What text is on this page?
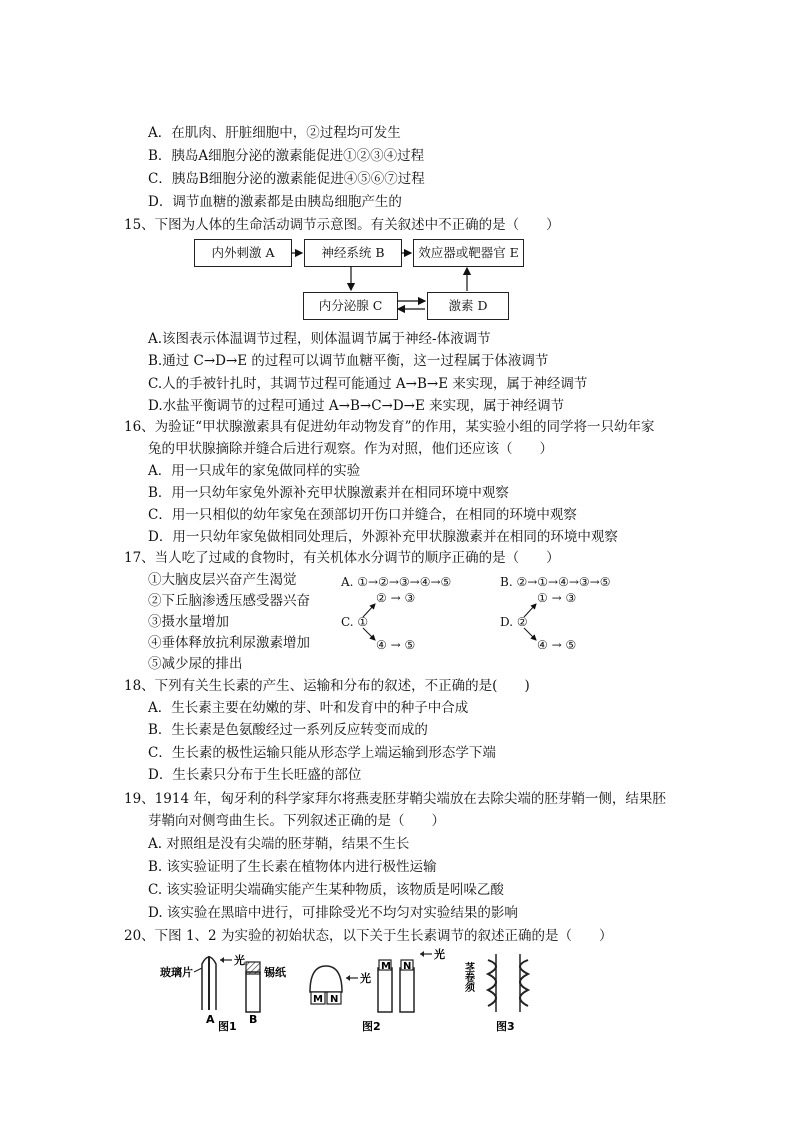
A．在肌肉、肝脏细胞中，②过程均可发生
B．胰岛A细胞分泌的激素能促进①②③④过程
C．胰岛B细胞分泌的激素能促进④⑤⑥⑦过程
D．调节血糖的激素都是由胰岛细胞产生的
15、下图为人体的生命活动调节示意图。有关叙述中不正确的是（　　）
内外刺激 A	神经系统 B	效应器或靶器官 E
内分泌腺 C	激素 D
A.该图表示体温调节过程，则体温调节属于神经-体液调节
B.通过 C→D→E 的过程可以调节血糖平衡，这一过程属于体液调节
C.人的手被针扎时，其调节过程可能通过 A→B→E 来实现，属于神经调节
D.水盐平衡调节的过程可通过 A→B→C→D→E 来实现，属于神经调节
16、为验证“甲状腺激素具有促进幼年动物发育”的作用，某实验小组的同学将一只幼年家
兔的甲状腺摘除并缝合后进行观察。作为对照，他们还应该（　　）
A．用一只成年的家兔做同样的实验
B．用一只幼年家兔外源补充甲状腺激素并在相同环境中观察
C．用一只相似的幼年家兔在颈部切开伤口并缝合，在相同的环境中观察
D．用一只幼年家兔做相同处理后，外源补充甲状腺激素并在相同的环境中观察
17、当人吃了过咸的食物时，有关机体水分调节的顺序正确的是（　　）
①大脑皮层兴奋产生渴觉
②下丘脑渗透压感受器兴奋
③摄水量增加
④垂体释放抗利尿激素增加
⑤减少尿的排出
A. ①→②→③→④→⑤	B. ②→①→④→③→⑤
② → ③
C. ①
④ → ⑤
① → ③
D. ②
④ → ⑤
18、下列有关生长素的产生、运输和分布的叙述，不正确的是(　　)
A．生长素主要在幼嫩的芽、叶和发育中的种子中合成
B．生长素是色氨酸经过一系列反应转变而成的
C．生长素的极性运输只能从形态学上端运输到形态学下端
D．生长素只分布于生长旺盛的部位
19、1914 年，匈牙利的科学家拜尔将燕麦胚芽鞘尖端放在去除尖端的胚芽鞘一侧，结果胚
芽鞘向对侧弯曲生长。下列叙述正确的是（　　）
A. 对照组是没有尖端的胚芽鞘，结果不生长
B. 该实验证明了生长素在植物体内进行极性运输
C. 该实验证明尖端确实能产生某种物质，该物质是吲哚乙酸
D. 该实验在黑暗中进行，可排除受光不均匀对实验结果的影响
20、下图 1、2 为实验的初始状态，以下关于生长素调节的叙述正确的是（　　）
玻璃片
A
光
锡纸
B
图1
M N
光
M N
光
图2
茎卷须
图3
